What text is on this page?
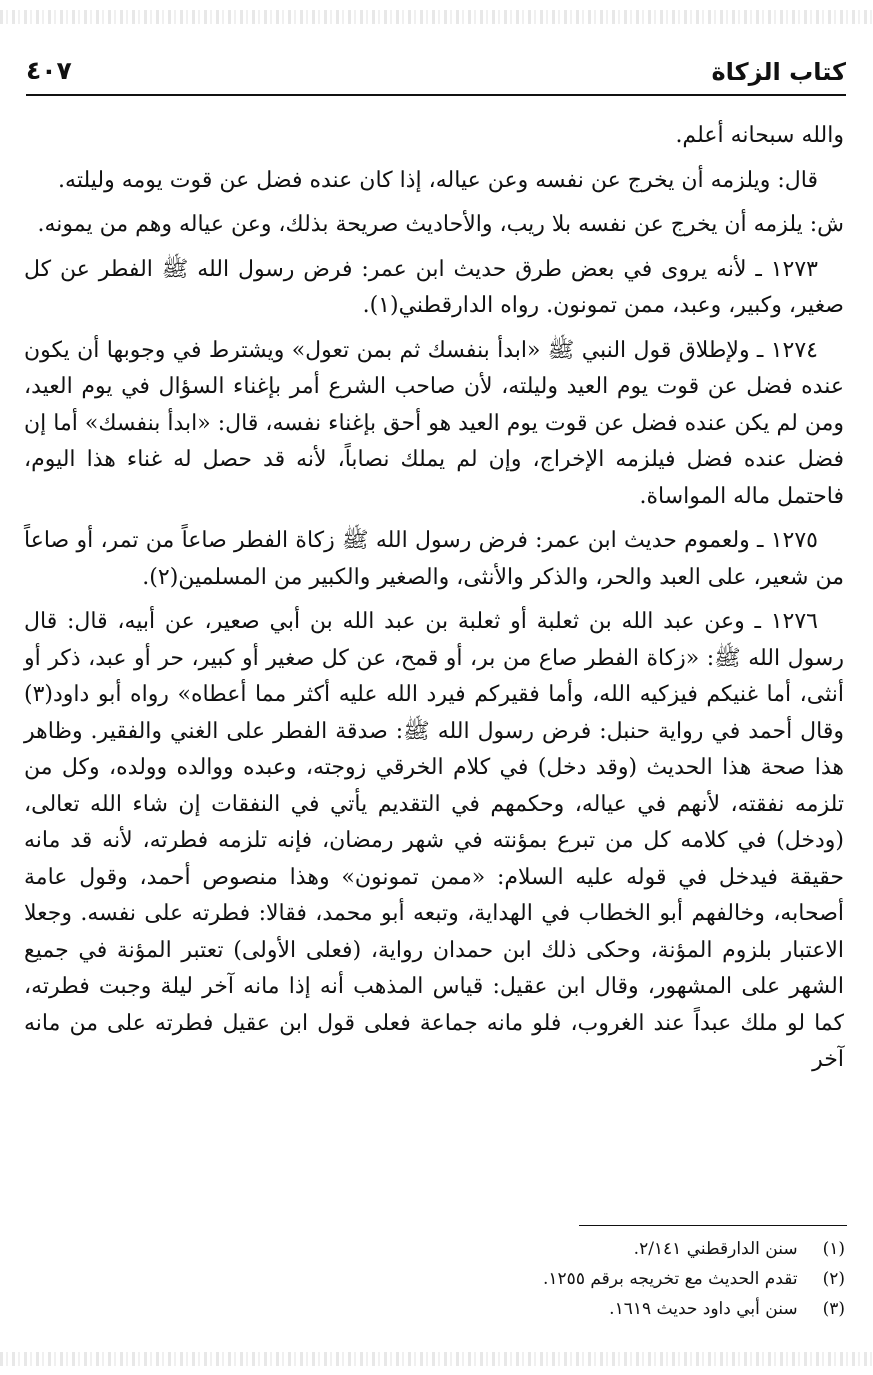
كتاب الزكاة
٤٠٧

والله سبحانه أعلم.

قال: ويلزمه أن يخرج عن نفسه وعن عياله، إذا كان عنده فضل عن قوت يومه وليلته.

ش: يلزمه أن يخرج عن نفسه بلا ريب، والأحاديث صريحة بذلك، وعن عياله وهم من يمونه.

١٢٧٣ ـ لأنه يروى في بعض طرق حديث ابن عمر: فرض رسول الله ﷺ الفطر عن كل صغير، وكبير، وعبد، ممن تمونون. رواه الدارقطني(١).

١٢٧٤ ـ ولإطلاق قول النبي ﷺ «ابدأ بنفسك ثم بمن تعول» ويشترط في وجوبها أن يكون عنده فضل عن قوت يوم العيد وليلته، لأن صاحب الشرع أمر بإغناء السؤال في يوم العيد، ومن لم يكن عنده فضل عن قوت يوم العيد هو أحق بإغناء نفسه، قال: «ابدأ بنفسك» أما إن فضل عنده فضل فيلزمه الإخراج، وإن لم يملك نصاباً، لأنه قد حصل له غناء هذا اليوم، فاحتمل ماله المواساة.

١٢٧٥ ـ ولعموم حديث ابن عمر: فرض رسول الله ﷺ زكاة الفطر صاعاً من تمر، أو صاعاً من شعير، على العبد والحر، والذكر والأنثى، والصغير والكبير من المسلمين(٢).

١٢٧٦ ـ وعن عبد الله بن ثعلبة أو ثعلبة بن عبد الله بن أبي صعير، عن أبيه، قال: قال رسول الله ﷺ: «زكاة الفطر صاع من بر، أو قمح، عن كل صغير أو كبير، حر أو عبد، ذكر أو أنثى، أما غنيكم فيزكيه الله، وأما فقيركم فيرد الله عليه أكثر مما أعطاه» رواه أبو داود(٣) وقال أحمد في رواية حنبل: فرض رسول الله ﷺ: صدقة الفطر على الغني والفقير. وظاهر هذا صحة هذا الحديث (وقد دخل) في كلام الخرقي زوجته، وعبده ووالده وولده، وكل من تلزمه نفقته، لأنهم في عياله، وحكمهم في التقديم يأتي في النفقات إن شاء الله تعالى، (ودخل) في كلامه كل من تبرع بمؤنته في شهر رمضان، فإنه تلزمه فطرته، لأنه قد مانه حقيقة فيدخل في قوله عليه السلام: «ممن تمونون» وهذا منصوص أحمد، وقول عامة أصحابه، وخالفهم أبو الخطاب في الهداية، وتبعه أبو محمد، فقالا: فطرته على نفسه. وجعلا الاعتبار بلزوم المؤنة، وحكى ذلك ابن حمدان رواية، (فعلى الأولى) تعتبر المؤنة في جميع الشهر على المشهور، وقال ابن عقيل: قياس المذهب أنه إذا مانه آخر ليلة وجبت فطرته، كما لو ملك عبداً عند الغروب، فلو مانه جماعة فعلى قول ابن عقيل فطرته على من مانه آخر

(١) سنن الدارقطني ٢/١٤١.
(٢) تقدم الحديث مع تخريجه برقم ١٢٥٥.
(٣) سنن أبي داود حديث ١٦١٩.
